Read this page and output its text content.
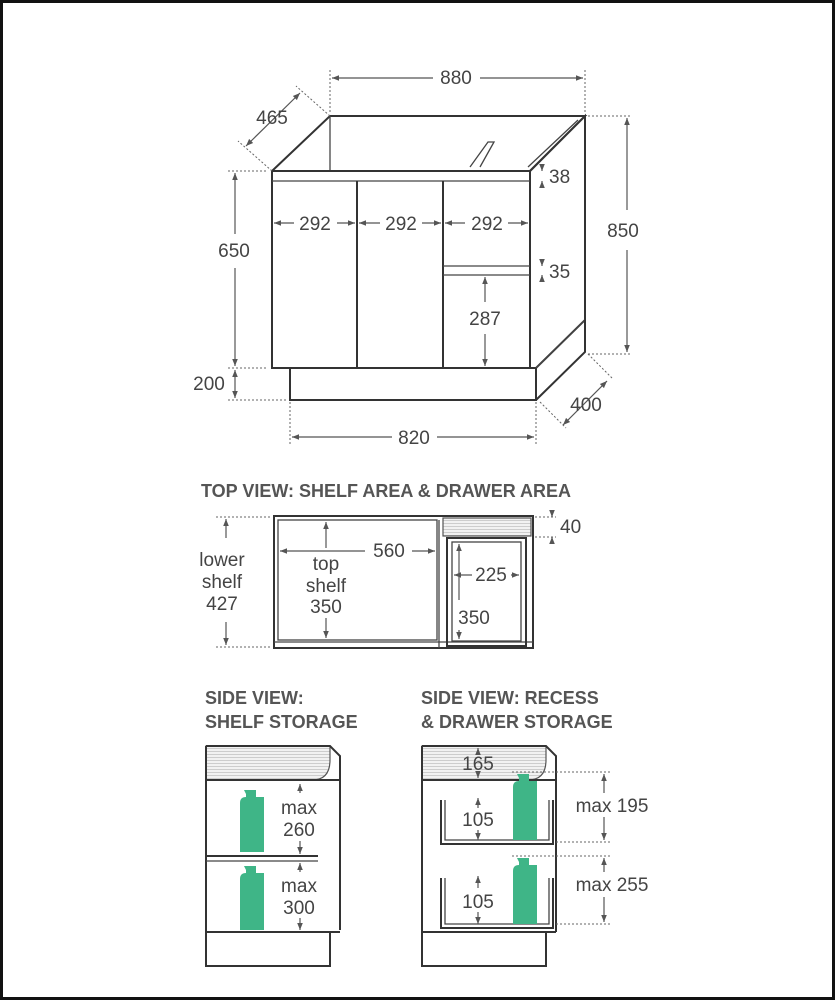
880
465
850
650
200
292	292	292
38
35
287
400
820
TOP VIEW: SHELF AREA & DRAWER AREA
lower
shelf
427
top
shelf
350
560
225
350
40
SIDE VIEW:
SHELF STORAGE
max
260
max
300
SIDE VIEW: RECESS
& DRAWER STORAGE
165
105
105
max 195
max 255
